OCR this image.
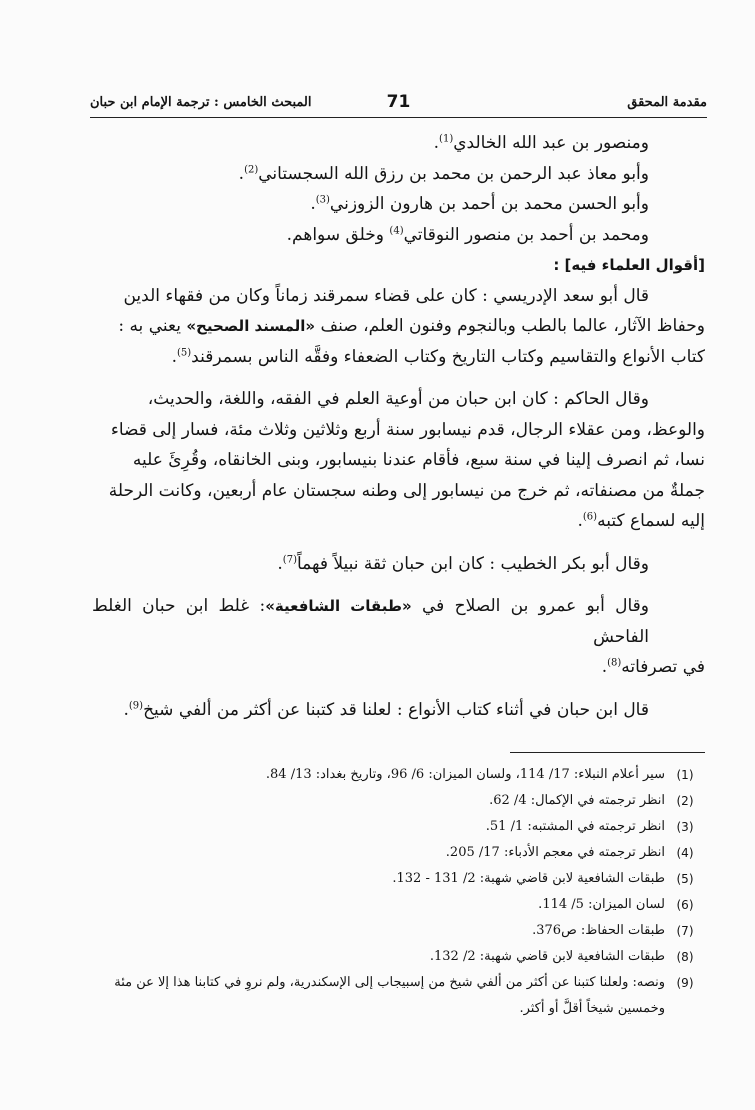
مقدمة المحقق
71
المبحث الخامس : ترجمة الإمام ابن حبان

ومنصور بن عبد الله الخالدي$^{(1)}$.

وأبو معاذ عبد الرحمن بن محمد بن رزق الله السجستاني$^{(2)}$.

وأبو الحسن محمد بن أحمد بن هارون الزوزني$^{(3)}$.

ومحمد بن أحمد بن منصور النوقاتي$^{(4)}$ وخلق سواهم.

[أقوال العلماء فيه] :

قال أبو سعد الإدريسي : كان على قضاء سمرقند زماناً وكان من فقهاء الدين

وحفاظ الآثار، عالما بالطب وبالنجوم وفنون العلم، صنف «المسند الصحيح» يعني به :

كتاب الأنواع والتقاسيم وكتاب التاريخ وكتاب الضعفاء وفقَّه الناس بسمرقند$^{(5)}$.

وقال الحاكم : كان ابن حبان من أوعية العلم في الفقه، واللغة، والحديث،

والوعظ، ومن عقلاء الرجال، قدم نيسابور سنة أربع وثلاثين وثلاث مئة، فسار إلى قضاء

نسا، ثم انصرف إلينا في سنة سبع، فأقام عندنا بنيسابور، وبنى الخانقاه، وقُرِئَ عليه

جملةٌ من مصنفاته، ثم خرج من نيسابور إلى وطنه سجستان عام أربعين، وكانت الرحلة

إليه لسماع كتبه$^{(6)}$.

وقال أبو بكر الخطيب : كان ابن حبان ثقة نبيلاً فهماً$^{(7)}$.

وقال أبو عمرو بن الصلاح في «طبقات الشافعية»: غلط ابن حبان الغلط الفاحش

في تصرفاته$^{(8)}$.

قال ابن حبان في أثناء كتاب الأنواع : لعلنا قد كتبنا عن أكثر من ألفي شيخ$^{(9)}$.

(1)
سير أعلام النبلاء: 17/ 114، ولسان الميزان: 6/ 96، وتاريخ بغداد: 13/ 84.
(2)
انظر ترجمته في الإكمال: 4/ 62.
(3)
انظر ترجمته في المشتبه: 1/ 51.
(4)
انظر ترجمته في معجم الأدباء: 17/ 205.
(5)
طبقات الشافعية لابن قاضي شهبة: 2/ 131 - 132.
(6)
لسان الميزان: 5/ 114.
(7)
طبقات الحفاظ: ص376.
(8)
طبقات الشافعية لابن قاضي شهبة: 2/ 132.
(9)
ونصه: ولعلنا كتبنا عن أكثر من ألفي شيخ من إسبيجاب إلى الإسكندرية، ولم نروِ في كتابنا هذا إلا عن مئة وخمسين شيخاً أقلَّ أو أكثر.
